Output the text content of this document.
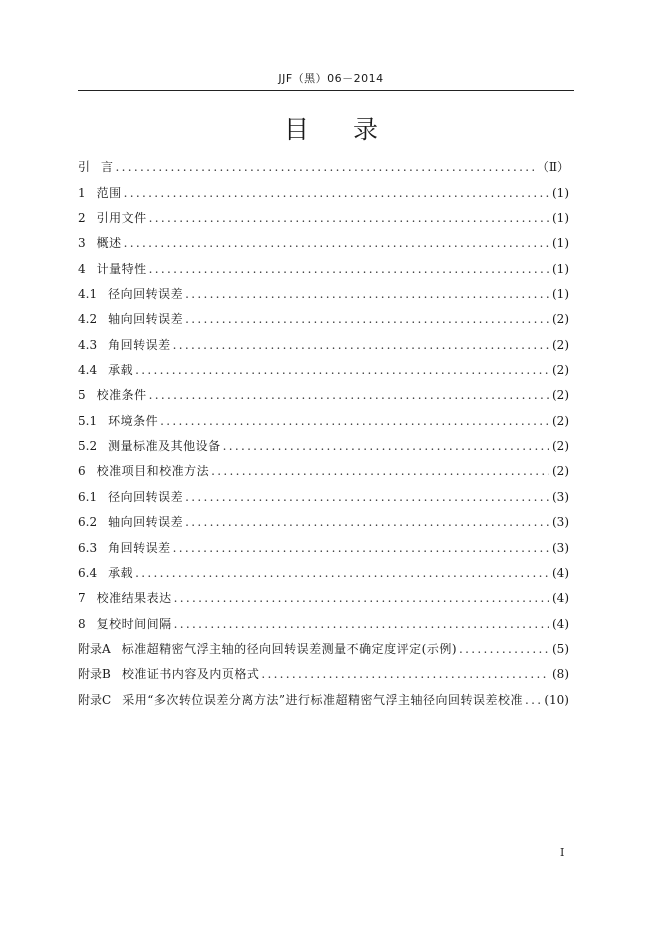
JJF（黑）06－2014
目录
引 言 .....	（Ⅱ）
1 范围 .....	(1)
2 引用文件 .....	(1)
3 概述 .....	(1)
4 计量特性 .....	(1)
4.1 径向回转误差 .....	(1)
4.2 轴向回转误差 .....	(2)
4.3 角回转误差 .....	(2)
4.4 承载 .....	(2)
5 校准条件 .....	(2)
5.1 环境条件 .....	(2)
5.2 测量标准及其他设备 .....	(2)
6 校准项目和校准方法 .....	(2)
6.1 径向回转误差 .....	(3)
6.2 轴向回转误差 .....	(3)
6.3 角回转误差 .....	(3)
6.4 承载 .....	(4)
7 校准结果表达 .....	(4)
8 复校时间间隔 .....	(4)
附录A 标准超精密气浮主轴的径向回转误差测量不确定度评定(示例) .....	(5)
附录B 校准证书内容及内页格式 .....	(8)
附录C 采用“多次转位误差分离方法”进行标准超精密气浮主轴径向回转误差校准 ..... (10)
I
